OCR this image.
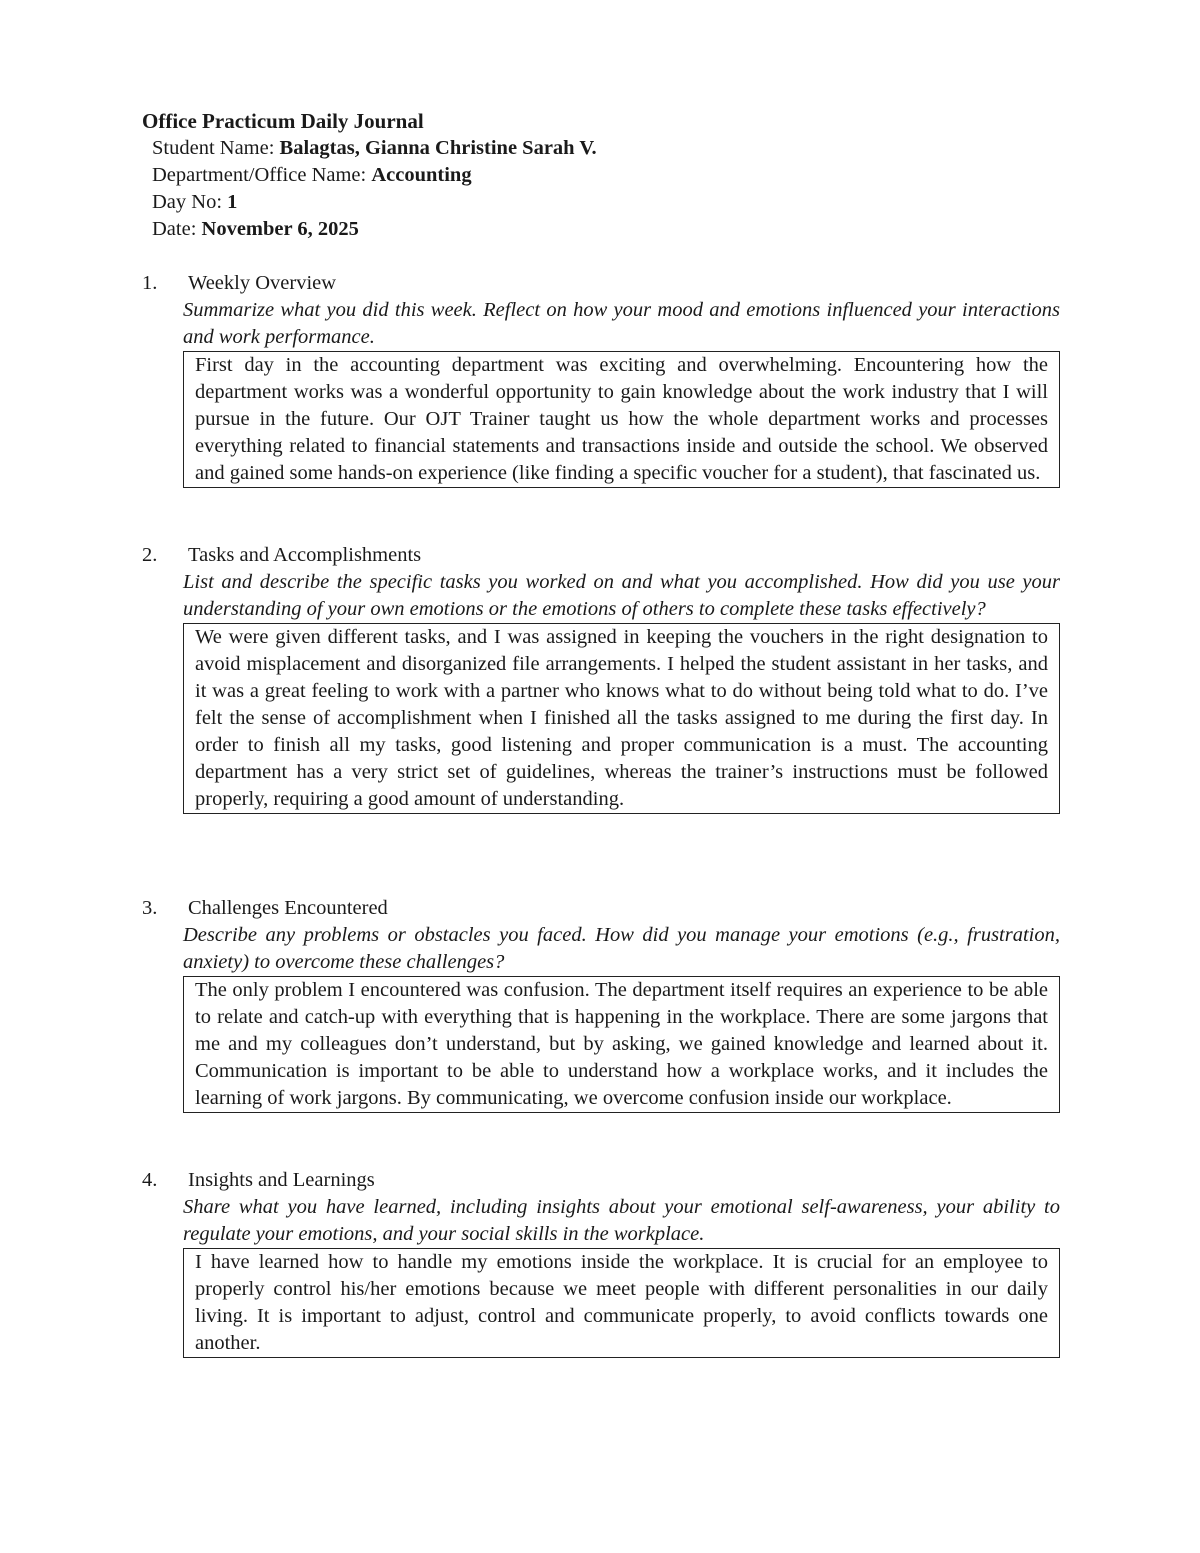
Office Practicum Daily Journal
Student Name: Balagtas, Gianna Christine Sarah V.
Department/Office Name: Accounting
Day No: 1
Date: November 6, 2025
1. Weekly Overview
Summarize what you did this week. Reflect on how your mood and emotions influenced your interactions and work performance.

First day in the accounting department was exciting and overwhelming. Encountering how the department works was a wonderful opportunity to gain knowledge about the work industry that I will pursue in the future. Our OJT Trainer taught us how the whole department works and processes everything related to financial statements and transactions inside and outside the school. We observed and gained some hands-on experience (like finding a specific voucher for a student), that fascinated us.

2. Tasks and Accomplishments
List and describe the specific tasks you worked on and what you accomplished. How did you use your understanding of your own emotions or the emotions of others to complete these tasks effectively?

We were given different tasks, and I was assigned in keeping the vouchers in the right designation to avoid misplacement and disorganized file arrangements. I helped the student assistant in her tasks, and it was a great feeling to work with a partner who knows what to do without being told what to do. I’ve felt the sense of accomplishment when I finished all the tasks assigned to me during the first day. In order to finish all my tasks, good listening and proper communication is a must. The accounting department has a very strict set of guidelines, whereas the trainer’s instructions must be followed properly, requiring a good amount of understanding.

3. Challenges Encountered
Describe any problems or obstacles you faced. How did you manage your emotions (e.g., frustration, anxiety) to overcome these challenges?

The only problem I encountered was confusion. The department itself requires an experience to be able to relate and catch-up with everything that is happening in the workplace. There are some jargons that me and my colleagues don’t understand, but by asking, we gained knowledge and learned about it. Communication is important to be able to understand how a workplace works, and it includes the learning of work jargons. By communicating, we overcome confusion inside our workplace.

4. Insights and Learnings
Share what you have learned, including insights about your emotional self-awareness, your ability to regulate your emotions, and your social skills in the workplace.

I have learned how to handle my emotions inside the workplace. It is crucial for an employee to properly control his/her emotions because we meet people with different personalities in our daily living. It is important to adjust, control and communicate properly, to avoid conflicts towards one another.
